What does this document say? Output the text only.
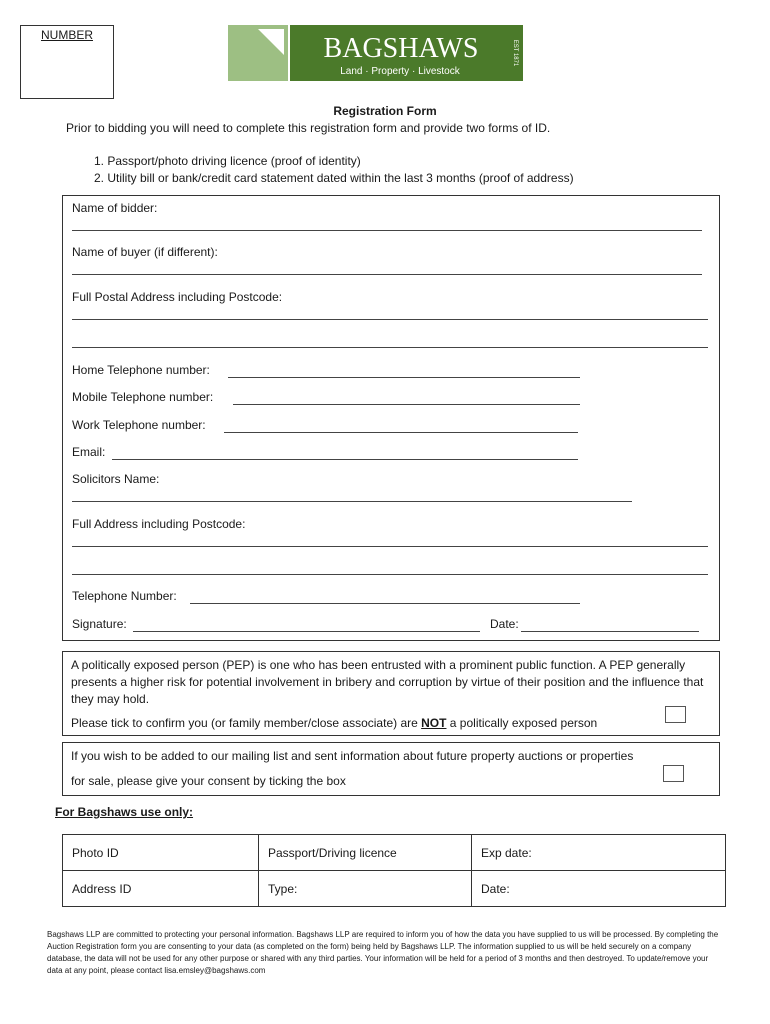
NUMBER	BAGSHAWS
Land · Property · Livestock
EST 1871
Registration Form
Prior to bidding you will need to complete this registration form and provide two forms of ID.
1. Passport/photo driving licence (proof of identity)
2. Utility bill or bank/credit card statement dated within the last 3 months (proof of address)
Name of bidder:
Name of buyer (if different):
Full Postal Address including Postcode:
Home Telephone number:
Mobile Telephone number:
Work Telephone number:
Email:
Solicitors Name:
Full Address including Postcode:
Telephone Number:
Signature:	Date:
A politically exposed person (PEP) is one who has been entrusted with a prominent public function. A PEP generally presents a higher risk for potential involvement in bribery and corruption by virtue of their position and the influence that they may hold.
Please tick to confirm you (or family member/close associate) are NOT a politically exposed person
If you wish to be added to our mailing list and sent information about future property auctions or properties
for sale, please give your consent by ticking the box
For Bagshaws use only:
Photo ID	Passport/Driving licence	Exp date:
Address ID	Type:	Date:
Bagshaws LLP are committed to protecting your personal information. Bagshaws LLP are required to inform you of how the data you have supplied to us will be processed. By completing the Auction Registration form you are consenting to your data (as completed on the form) being held by Bagshaws LLP. The information supplied to us will be held securely on a company database, the data will not be used for any other purpose or shared with any third parties. Your information will be held for a period of 3 months and then destroyed. To update/remove your data at any point, please contact lisa.emsley@bagshaws.com
